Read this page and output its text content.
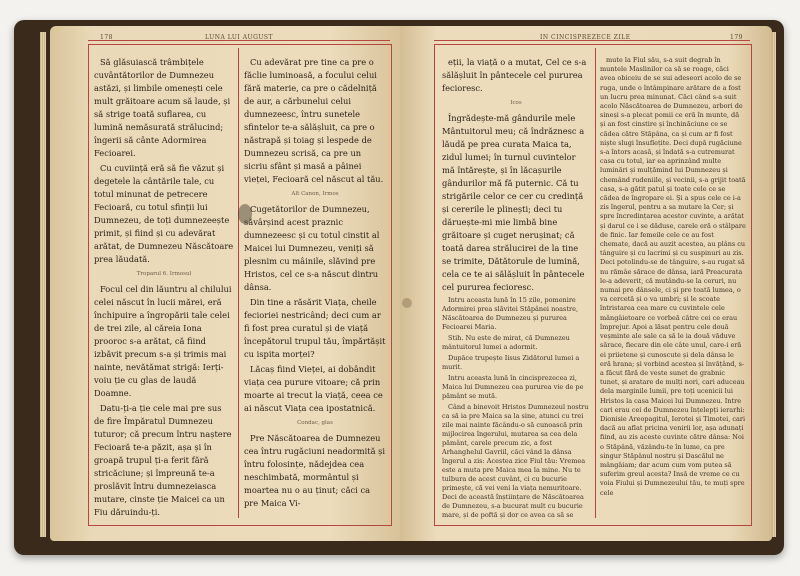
178	LUNA LUI AUGUST

Să glăsuiască trâmbițele cuvântătorilor de Dumnezeu astăzi, și limbile omenești cele mult grăitoare acum să laude, și să strige toată suflarea, cu lumină nemăsurată strălucind; îngerii să cânte Adormirea Fecioarei.

Cu cuviință eră să fie văzut și degetele la cântările tale, cu totul minunat de petrecere Fecioară, cu totul sfinții lui Dumnezeu, de toți dumnezeește primit, și fiind și cu adevărat arătat, de Dumnezeu Născătoare prea lăudată.

Troparul 6. Irmosul

Focul cel din lăuntru al chilului celei născut în lucii mărei, eră închipuire a îngropării tale celei de trei zile, al căreia Iona prooroc s-a arătat, că fiind izbăvit precum s-a și trimis mai nainte, nevătămat strigă: Ierți-voiu ție cu glas de laudă Doamne.

Datu-ți-a ție cele mai pre sus de fire Împăratul Dumnezeu tuturor; că precum întru naștere Fecioară te-a păzit, așa și în groapă trupul ți-a ferit fără stricăciune; și împreună te-a proslăvit întru dumnezeiasca mutare, cinste ție Maicei ca un Fiu dăruindu-ți.

Cu adevărat pre tine ca pre o făclie luminoasă, a focului celui fără materie, ca pre o cădelniță de aur, a cărbunelui celui dumnezeesc, întru sunetele sfintelor te-a sălășluit, ca pre o năstrapă și toiag și lespede de Dumnezeu scrisă, ca pre un sicriu sfânt și masă a pâinei vieței, Fecioară cel născut al tău.

Alt Canon, Irmos

Cugetătorilor de Dumnezeu, săvârșind acest praznic dumnezeesc și cu totul cinstit al Maicei lui Dumnezeu, veniți să plesnim cu mâinile, slăvind pre Hristos, cel ce s-a născut dintru dânsa.

Din tine a răsărit Viața, cheile fecioriei nestricând; deci cum ar fi fost prea curatul și de viață începătorul trupul tău, împărtășit cu ispita morței?

Lăcaș fiind Vieței, ai dobândit viața cea purure vitoare; că prin moarte ai trecut la viață, ceea ce ai născut Viața cea ipostatnică.

Condac, glas

Pre Născătoarea de Dumnezeu cea întru rugăciuni neadormită și întru folosințe, nădejdea cea neschimbată, mormântul și moartea nu o au ținut; căci ca pre Maica Vi-

IN CINCISPREZECE ZILE	179

eții, la viață o a mutat, Cel ce s-a sălășluit în pântecele cel pururea fecioresc.

Icos

Îngrădește-mă gândurile mele Mântuitorul meu; că îndrăznesc a lăudă pe prea curata Maica ta, zidul lumei; în turnul cuvintelor mă întărește, și în lăcașurile gândurilor mă fă puternic. Că tu strigările celor ce cer cu credință și cererile le plinești; deci tu dăruește-mi mie limbă bine grăitoare și cuget nerușinat; că toată darea strălucirei de la tine se trimite, Dătătorule de lumină, cela ce te ai sălășluit în pântecele cel pururea fecioresc.

Intru aceasta lună în 15 zile, pomenire Adormirei prea slăvitei Stăpânei noastre, Născătoarea de Dumnezeu și pururea Fecioarei Maria.

Stih. Nu este de mirat, că Dumnezeu mântuitorul lumei a adormit.

Dupăce trupește Iisus Zidătorul lumei a murit.

Intru aceasta lună în cincisprezecea zi, Maica lui Dumnezeu cea pururea vie de pe pământ se mută.

Când a binevoit Hristos Dumnezeul nostru ca să ia pre Maica sa la sine, atunci cu trei zile mai nainte făcându-o să cunoască prin mijlocirea îngerului, mutarea sa cea dela pământ, carele precum zic, a fost Arhanghelul Gavriil, căci vând la dânsa îngerul a zis: Acestea zice Fiul tău: Vremea este a muta pre Maica mea la mine. Nu te tulbura de acest cuvânt, ci cu bucurie primește, că vei veni la viața nemuritoare. Deci de această înștiințare de Născătoarea de Dumnezeu, s-a bucurat mult cu bucurie mare, și de poftă și dor ce avea ca să se

mute la Fiul său, s-a suit degrab în muntele Maslinilor ca să se roage, căci avea obiceiu de se sui adeseori acolo de se ruga, unde o întâmpinare arătare de a fost un lucru prea minunat. Căci când s-a suit acolo Născătoarea de Dumnezeu, arbori de sineși s-a plecat pomii ce eră în munte, dă și an fost cinstire și închinăciune ce se cădea către Stăpâna, ca și cum ar fi fost niște slugi însuflețite. Deci după rugăciune s-a întors acasă, și îndată s-a cutremurat casa cu totul, iar ea aprinzând multe luminări și mulțămind lui Dumnezeu și chemând rudeniile, și vecinii, s-a grijit toată casa, s-a gătit patul și toate cele ce se cădea de îngropare ei. Și a spus cele ce i-a zis îngerul, pentru a sa mutare la Cer; și spre încredințarea acestor cuvinte, a arătat și darul ce i se dăduse, carele eră o stâlpare de finic. Iar femeile cele ce au fost chemate, dacă au auzit acestea, au plâns cu tânguire și cu lacrimi și cu suspinuri au zis. Deci potolindu-se de tânguire, s-au rugat să nu rămâe sărace de dânsa, iară Preacurata le-a adeverit, că mutându-se la ceruri, nu numai pre dânsele, ci și pre toată lumea, o va cercetă și o va umbri; și le scoate întristarea cea mare cu cuvintele cele mângâietoare ce vorbeă către cei ce erau împrejur. Apoi a lăsat pentru cele două veșminte ale sale ca să le ia două văduve sărace, fiecare din ele câte unul, care-i eră ei priietene și cunoscute și dela dânsa le eră hrana; și vorbind acestea și învățând, s-a făcut fără de veste sunet de grabnic tunet, și aratare de mulți nori, cari aduceau dela marginile lumii, pre toți ucenicii lui Hristos la casa Maicei lui Dumnezeu. Intre cari erau cei de Dumnezeu înțelepți ierarhi: Dionisie Areopagitul, Ierotei și Timotei, cari dacă au aflat pricina venirii lor, așa adunați fiind, au zis aceste cuvinte către dânsa: Noi o Stăpână, văzându-te în lume, ca pre singur Stăpânul nostru și Dascălul ne mângâiam; dar acum cum vom putea să suferim greul acesta? Insă de vreme ce cu voia Fiului și Dumnezeului tău, te muți spre cele
